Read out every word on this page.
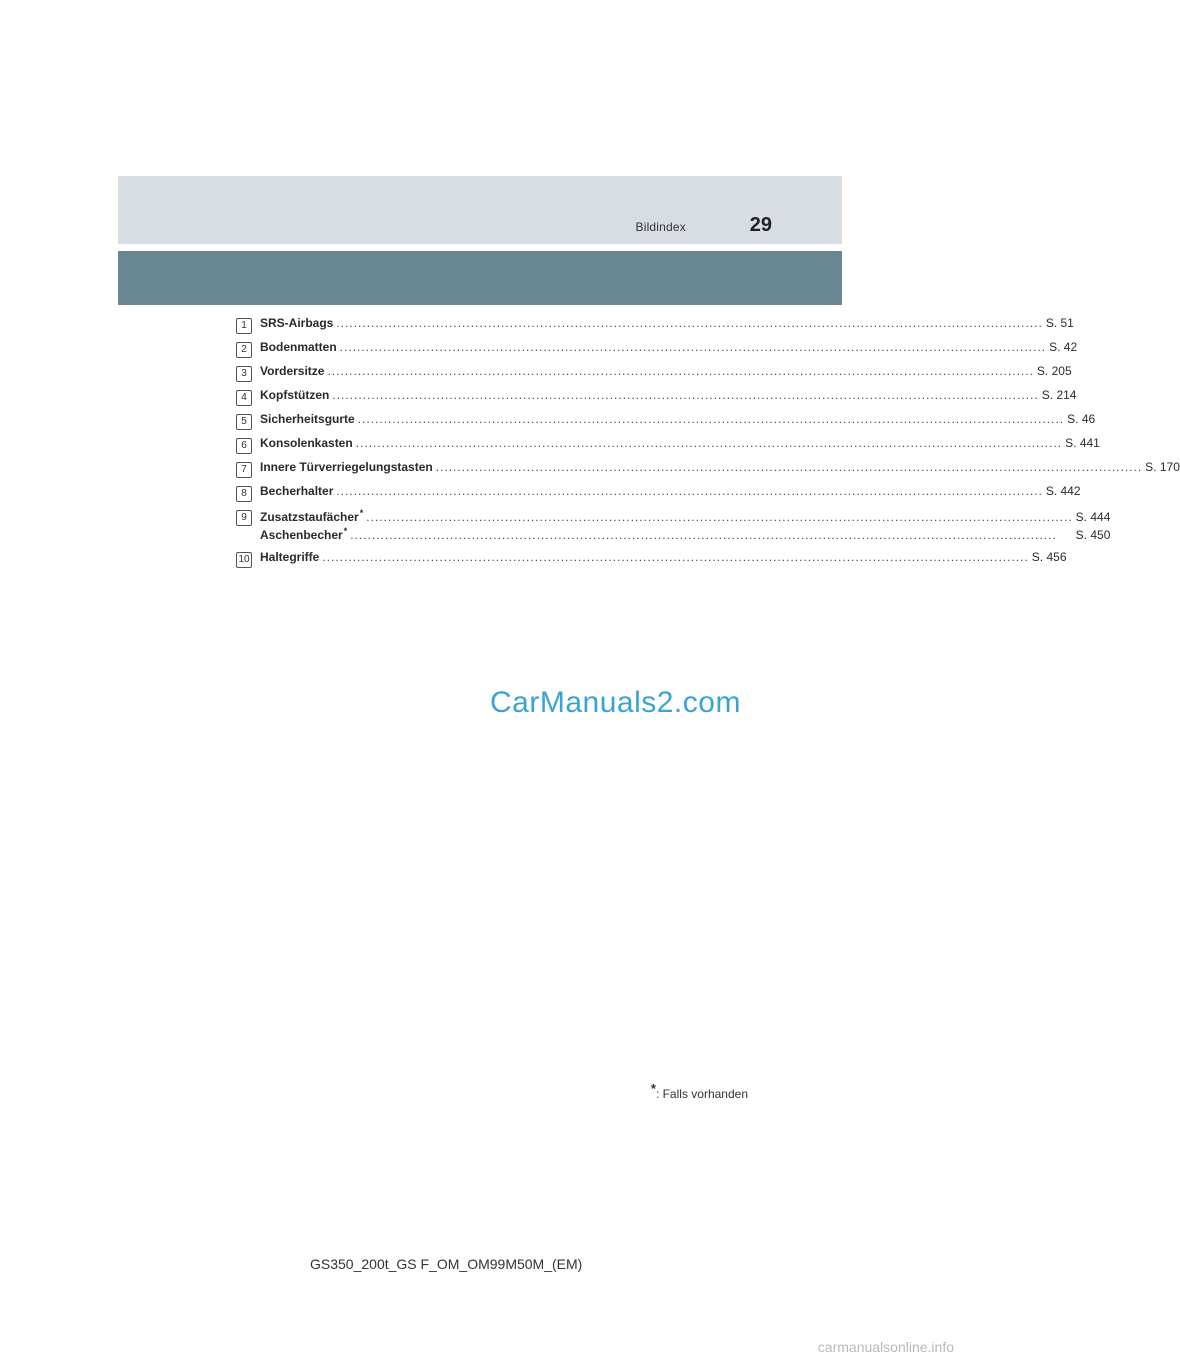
Bildindex	29
1	SRS-Airbags .....	S. 51
2	Bodenmatten .....	S. 42
3	Vordersitze .....	S. 205
4	Kopfstützen .....	S. 214
5	Sicherheitsgurte .....	S. 46
6	Konsolenkasten .....	S. 441
7	Innere Türverriegelungstasten .....	S. 170
8	Becherhalter .....	S. 442
9	Zusatzstaufächer* .....	S. 444
Aschenbecher* .....	S. 450
10 Haltegriffe .....	S. 456
CarManuals2.com
*: Falls vorhanden
GS350_200t_GS F_OM_OM99M50M_(EM)
carmanualsonline.info
